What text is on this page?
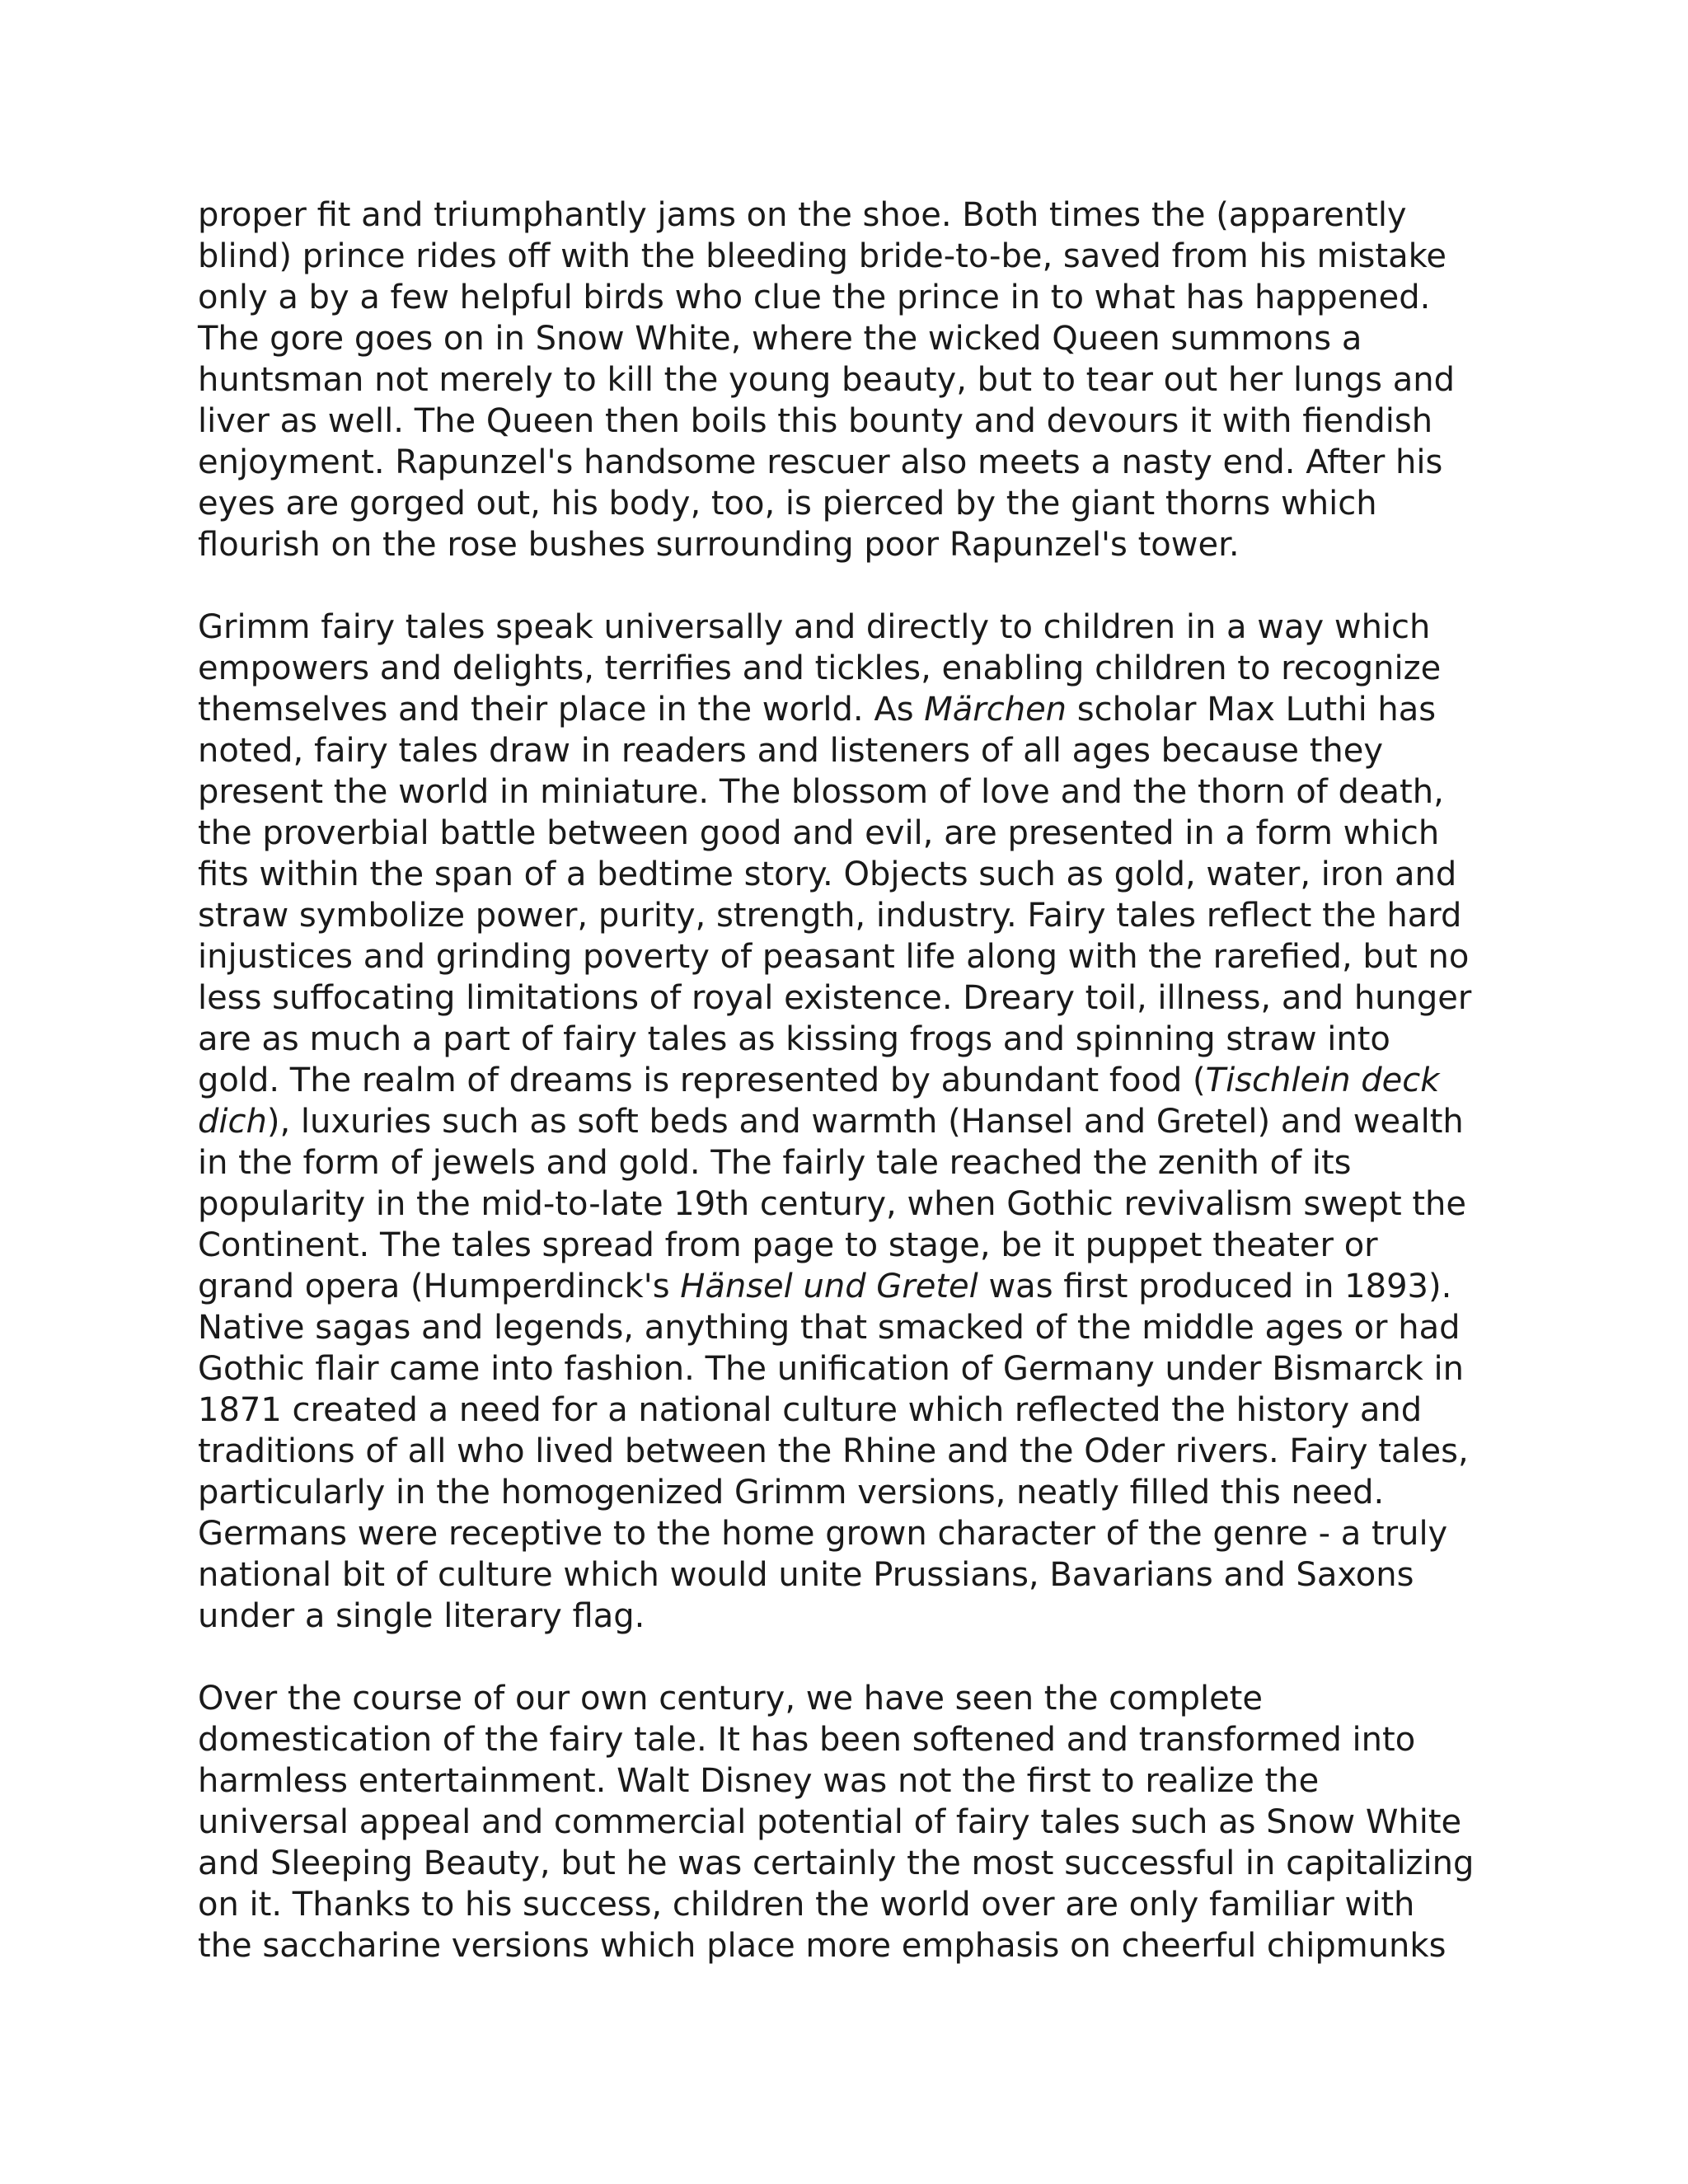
proper fit and triumphantly jams on the shoe. Both times the (apparently
blind) prince rides off with the bleeding bride-to-be, saved from his mistake
only a by a few helpful birds who clue the prince in to what has happened.
The gore goes on in Snow White, where the wicked Queen summons a
huntsman not merely to kill the young beauty, but to tear out her lungs and
liver as well. The Queen then boils this bounty and devours it with fiendish
enjoyment. Rapunzel's handsome rescuer also meets a nasty end. After his
eyes are gorged out, his body, too, is pierced by the giant thorns which
flourish on the rose bushes surrounding poor Rapunzel's tower.
Grimm fairy tales speak universally and directly to children in a way which
empowers and delights, terrifies and tickles, enabling children to recognize
themselves and their place in the world. As Märchen scholar Max Luthi has
noted, fairy tales draw in readers and listeners of all ages because they
present the world in miniature. The blossom of love and the thorn of death,
the proverbial battle between good and evil, are presented in a form which
fits within the span of a bedtime story. Objects such as gold, water, iron and
straw symbolize power, purity, strength, industry. Fairy tales reflect the hard
injustices and grinding poverty of peasant life along with the rarefied, but no
less suffocating limitations of royal existence. Dreary toil, illness, and hunger
are as much a part of fairy tales as kissing frogs and spinning straw into
gold. The realm of dreams is represented by abundant food (Tischlein deck
dich), luxuries such as soft beds and warmth (Hansel and Gretel) and wealth
in the form of jewels and gold. The fairly tale reached the zenith of its
popularity in the mid-to-late 19th century, when Gothic revivalism swept the
Continent. The tales spread from page to stage, be it puppet theater or
grand opera (Humperdinck's Hänsel und Gretel was first produced in 1893).
Native sagas and legends, anything that smacked of the middle ages or had
Gothic flair came into fashion. The unification of Germany under Bismarck in
1871 created a need for a national culture which reflected the history and
traditions of all who lived between the Rhine and the Oder rivers. Fairy tales,
particularly in the homogenized Grimm versions, neatly filled this need.
Germans were receptive to the home grown character of the genre - a truly
national bit of culture which would unite Prussians, Bavarians and Saxons
under a single literary flag.
Over the course of our own century, we have seen the complete
domestication of the fairy tale. It has been softened and transformed into
harmless entertainment. Walt Disney was not the first to realize the
universal appeal and commercial potential of fairy tales such as Snow White
and Sleeping Beauty, but he was certainly the most successful in capitalizing
on it. Thanks to his success, children the world over are only familiar with
the saccharine versions which place more emphasis on cheerful chipmunks
